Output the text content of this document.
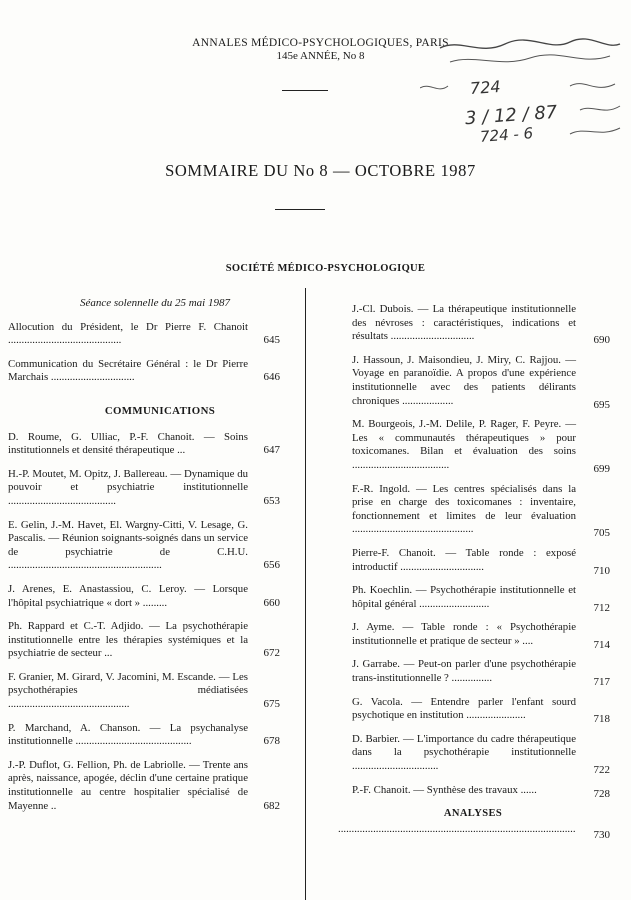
ANNALES MÉDICO-PSYCHOLOGIQUES, PARIS
145e ANNÉE, No 8
724
3 / 12 / 87
724 - 6
SOMMAIRE DU No 8 — OCTOBRE 1987
SOCIÉTÉ MÉDICO-PSYCHOLOGIQUE
Séance solennelle du 25 mai 1987
Allocution du Président, le Dr Pierre F. Chanoit ..........................................	645
Communication du Secrétaire Général : le Dr Pierre Marchais ...............................	646
COMMUNICATIONS
D. Roume, G. Ulliac, P.-F. Chanoit. — Soins institutionnels et densité thérapeutique ...	647
H.-P. Moutet, M. Opitz, J. Ballereau. — Dynamique du pouvoir et psychiatrie institutionnelle ........................................	653
E. Gelin, J.-M. Havet, El. Wargny-Citti, V. Lesage, G. Pascalis. — Réunion soignants-soignés dans un service de psychiatrie de C.H.U. .........................................................	656
J. Arenes, E. Anastassiou, C. Leroy. — Lorsque l'hôpital psychiatrique « dort » .........	660
Ph. Rappard et C.-T. Adjido. — La psychothérapie institutionnelle entre les thérapies systémiques et la psychiatrie de secteur ...	672
F. Granier, M. Girard, V. Jacomini, M. Escande. — Les psychothérapies médiatisées .............................................	675
P. Marchand, A. Chanson. — La psychanalyse institutionnelle ...........................................	678
J.-P. Duflot, G. Fellion, Ph. de Labriolle. — Trente ans après, naissance, apogée, déclin d'une certaine pratique institutionnelle au centre hospitalier spécialisé de Mayenne ..	682
J.-Cl. Dubois. — La thérapeutique institutionnelle des névroses : caractéristiques, indications et résultats ...............................	690
J. Hassoun, J. Maisondieu, J. Miry, C. Rajjou. — Voyage en paranoïdie. A propos d'une expérience institutionnelle avec des patients délirants chroniques ...................	695
M. Bourgeois, J.-M. Delile, P. Rager, F. Peyre. — Les « communautés thérapeutiques » pour toxicomanes. Bilan et évaluation des soins ....................................	699
F.-R. Ingold. — Les centres spécialisés dans la prise en charge des toxicomanes : inventaire, fonctionnement et limites de leur évaluation .............................................	705
Pierre-F. Chanoit. — Table ronde : exposé introductif ...............................	710
Ph. Koechlin. — Psychothérapie institutionnelle et hôpital général ..........................	712
J. Ayme. — Table ronde : « Psychothérapie institutionnelle et pratique de secteur » ....	714
J. Garrabe. — Peut-on parler d'une psychothérapie trans-institutionnelle ? ...............	717
G. Vacola. — Entendre parler l'enfant sourd psychotique en institution ......................	718
D. Barbier. — L'importance du cadre thérapeutique dans la psychothérapie institutionnelle ................................	722
P.-F. Chanoit. — Synthèse des travaux ......	728
ANALYSES
........................................................................................ 730
